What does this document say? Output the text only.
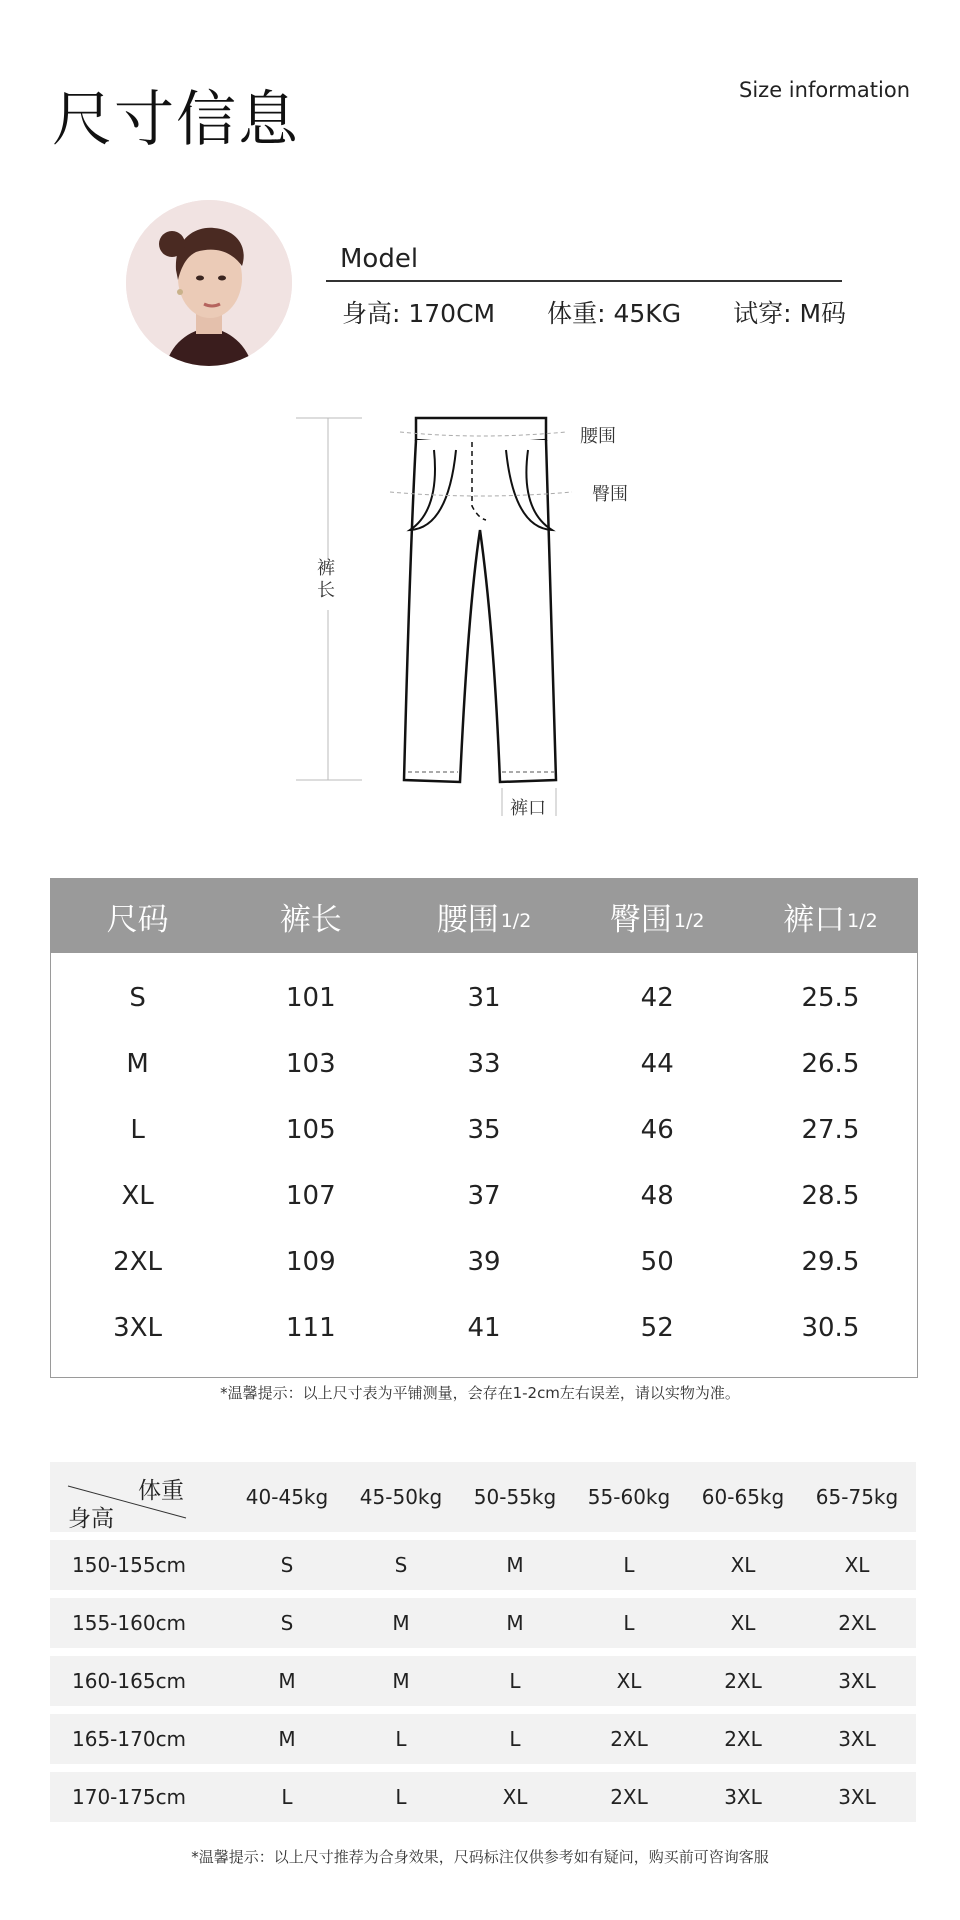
尺寸信息	Size information
Model
身高: 170CM 体重: 45KG 试穿: M码
裤
长
腰围
臀围
裤口
尺码	裤长	腰围 1/2	臀围 1/2	裤口 1/2
S	101	31	42	25.5
M	103	33	44	26.5
L	105	35	46	27.5
XL	107	37	48	28.5
2XL	109	39	50	29.5
3XL	111	41	52	30.5
*温馨提示：以上尺寸表为平铺测量，会存在1-2cm左右误差，请以实物为准。
体重
身高
40-45kg	45-50kg	50-55kg	55-60kg	60-65kg	65-75kg
150-155cm	S	S	M	L	XL	XL
155-160cm	S	M	M	L	XL	2XL
160-165cm	M	M	L	XL	2XL	3XL
165-170cm	M	L	L	2XL	2XL	3XL
170-175cm	L	L	XL	2XL	3XL	3XL
*温馨提示：以上尺寸推荐为合身效果，尺码标注仅供参考如有疑问，购买前可咨询客服
